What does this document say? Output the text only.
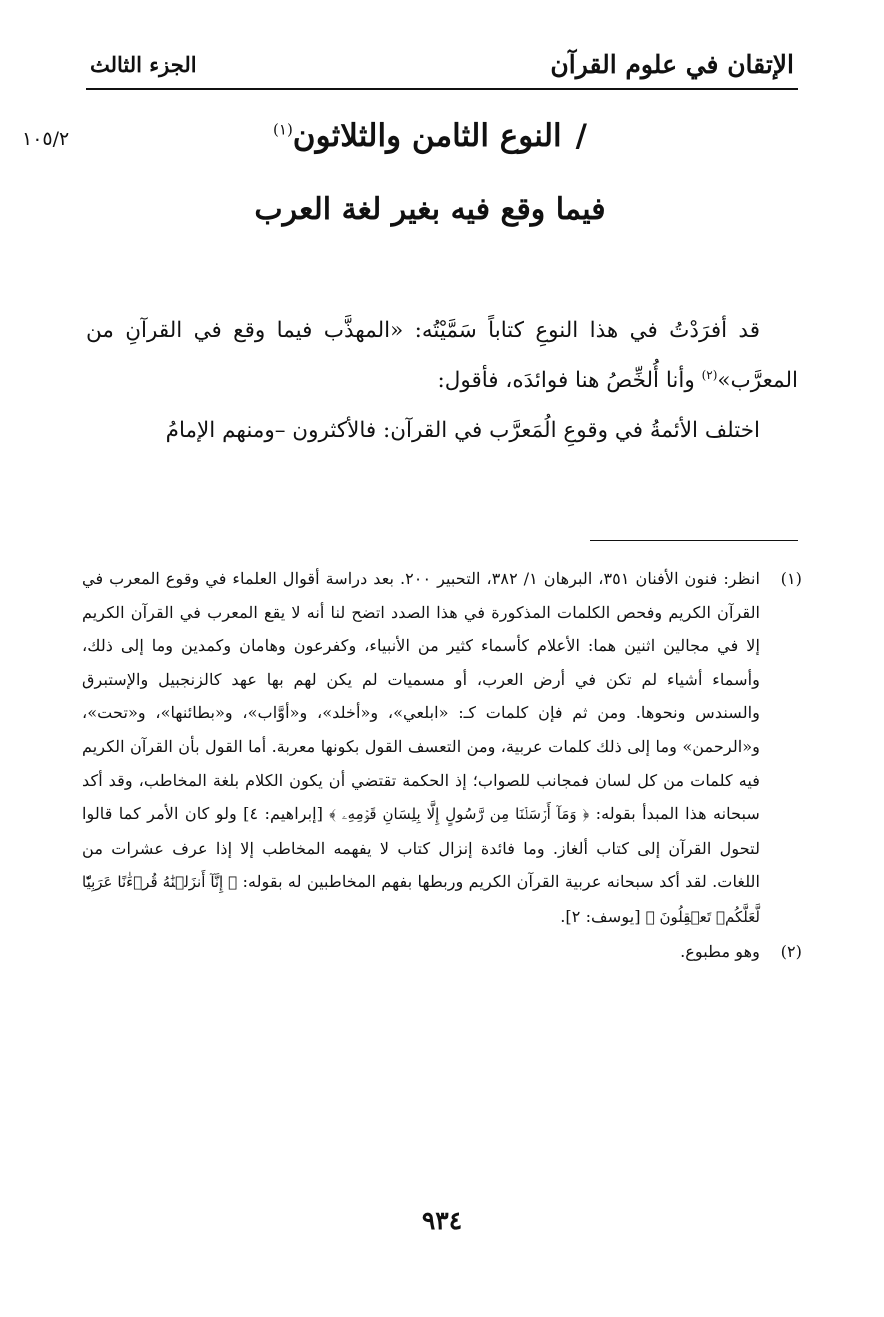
الإتقان في علوم القرآن
الجزء الثالث
١٠٥/٢	/النوع الثامن والثلاثون$^{(١)}$
فيما وقع فيه بغير لغة العرب

قد أفرَدْتُ في هذا النوعِ كتاباً سَمَّيْتُه: «المهذَّب فيما وقع في القرآنِ من المعرَّب»$^{(٢)}$ وأنا أُلخِّصُ هنا فوائدَه، فأقول:

اختلف الأئمةُ في وقوعِ الُمَعرَّب في القرآن: فالأكثرون –ومنهم الإمامُ

(١)
انظر: فنون الأفنان ٣٥١، البرهان ١/ ٣٨٢، التحبير ٢٠٠. بعد دراسة أقوال العلماء في وقوع المعرب في القرآن الكريم وفحص الكلمات المذكورة في هذا الصدد اتضح لنا أنه لا يقع المعرب في القرآن الكريم إلا في مجالين اثنين هما: الأعلام كأسماء كثير من الأنبياء، وكفرعون وهامان وكمدين وما إلى ذلك، وأسماء أشياء لم تكن في أرض العرب، أو مسميات لم يكن لهم بها عهد كالزنجبيل والإستبرق والسندس ونحوها. ومن ثم فإن كلمات كـ: «ابلعي»، و«أخلد»، و«أوَّاب»، و«بطائنها»، و«تحت»، و«الرحمن» وما إلى ذلك كلمات عربية، ومن التعسف القول بكونها معربة. أما القول بأن القرآن الكريم فيه كلمات من كل لسان فمجانب للصواب؛ إذ الحكمة تقتضي أن يكون الكلام بلغة المخاطب، وقد أكد سبحانه هذا المبدأ بقوله: ﴿ وَمَآ أَرۡسَلۡنَا مِن رَّسُولٍ إِلَّا بِلِسَانِ قَوۡمِهِۦ ﴾ [إبراهيم: ٤] ولو كان الأمر كما قالوا لتحول القرآن إلى كتاب ألغاز. وما فائدة إنزال كتاب لا يفهمه المخاطب إلا إذا عرف عشرات من اللغات. لقد أكد سبحانه عربية القرآن الكريم وربطها بفهم المخاطبين له بقوله: ﴿ إِنَّآ أَنزَلۡنَٰهُ قُرۡءَٰنًا عَرَبِيّٗا لَّعَلَّكُمۡ تَعۡقِلُونَ ﴾ [يوسف: ٢].

(٢)
وهو مطبوع.

٩٣٤
